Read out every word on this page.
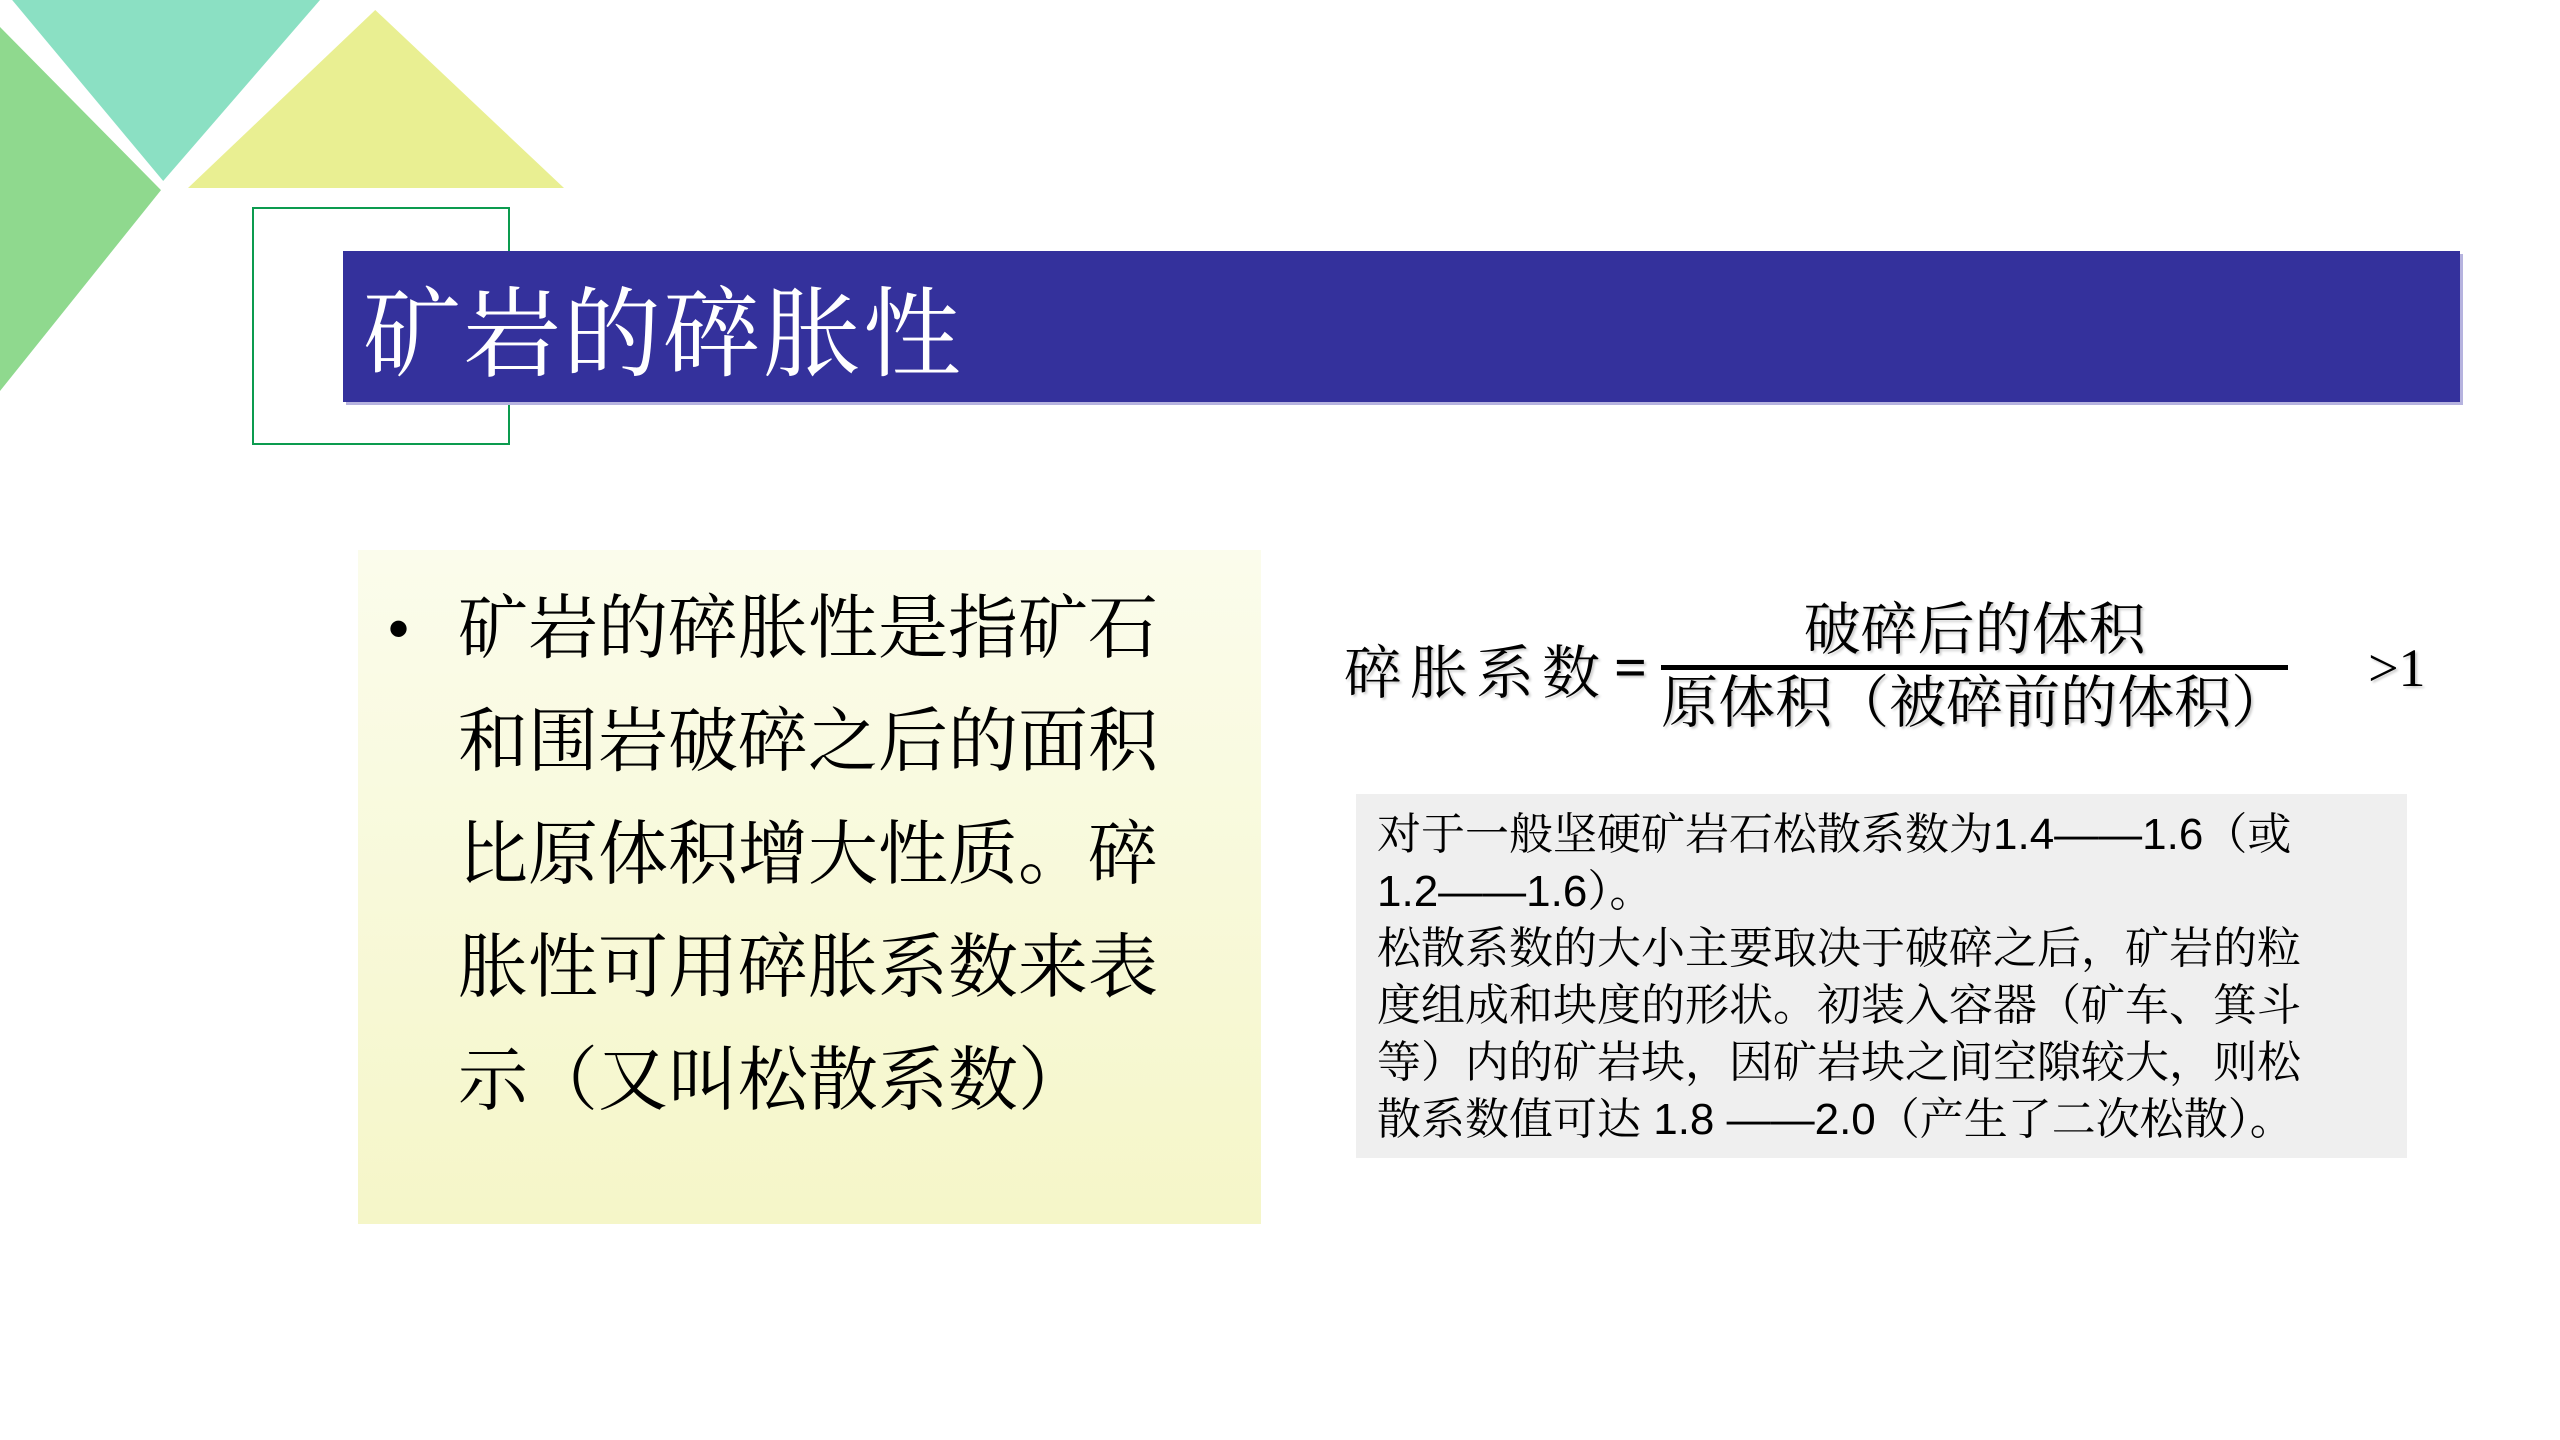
矿岩的碎胀性
• 矿岩的碎胀性是指矿石
和围岩破碎之后的面积
比原体积增大性质。碎
胀性可用碎胀系数来表
示（又叫松散系数）
碎胀系数 =
破碎后的体积
原体积（被碎前的体积）
>1
对于一般坚硬矿岩石松散系数为1.4——1.6（或
1.2——1.6）。
松散系数的大小主要取决于破碎之后，矿岩的粒
度组成和块度的形状。初装入容器（矿车、箕斗
等）内的矿岩块，因矿岩块之间空隙较大，则松
散系数值可达 1.8 ——2.0（产生了二次松散）。
